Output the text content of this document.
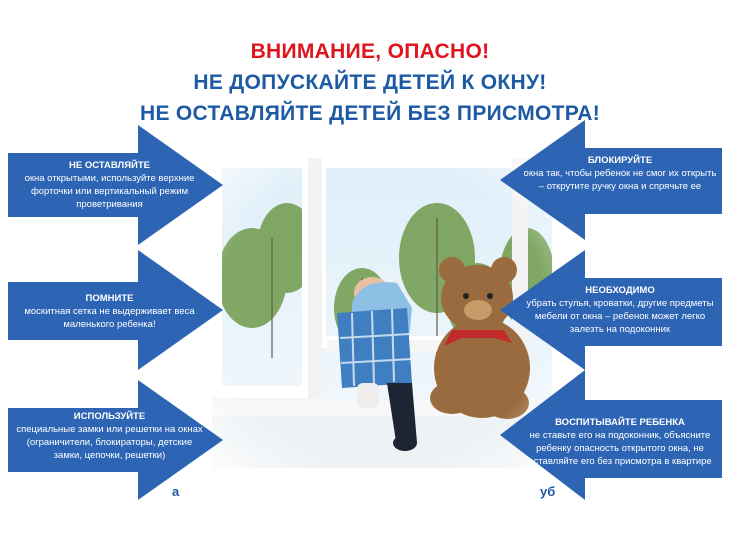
ВНИМАНИЕ, ОПАСНО!
НЕ ДОПУСКАЙТЕ ДЕТЕЙ К ОКНУ!
НЕ ОСТАВЛЯЙТЕ ДЕТЕЙ БЕЗ ПРИСМОТРА!
НЕ ОСТАВЛЯЙТЕ
окна открытыми, используйте верхние форточки или вертикальный режим проветривания
ПОМНИТЕ
москитная сетка не выдерживает веса маленького ребенка!
ИСПОЛЬЗУЙТЕ
специальные замки или решетки на окнах (ограничители, блокираторы, детские замки, цепочки, решетки)
БЛОКИРУЙТЕ
окна так, чтобы ребенок не смог их открыть – открутите ручку окна и спрячьте ее
НЕОБХОДИМО
убрать стулья, кроватки, другие предметы мебели от окна – ребенок может легко залезть на подоконник
ВОСПИТЫВАЙТЕ РЕБЕНКА
не ставьте его на подоконник, объясните ребенку опасность открытого окна, не оставляйте его без присмотра в квартире
а	уб
